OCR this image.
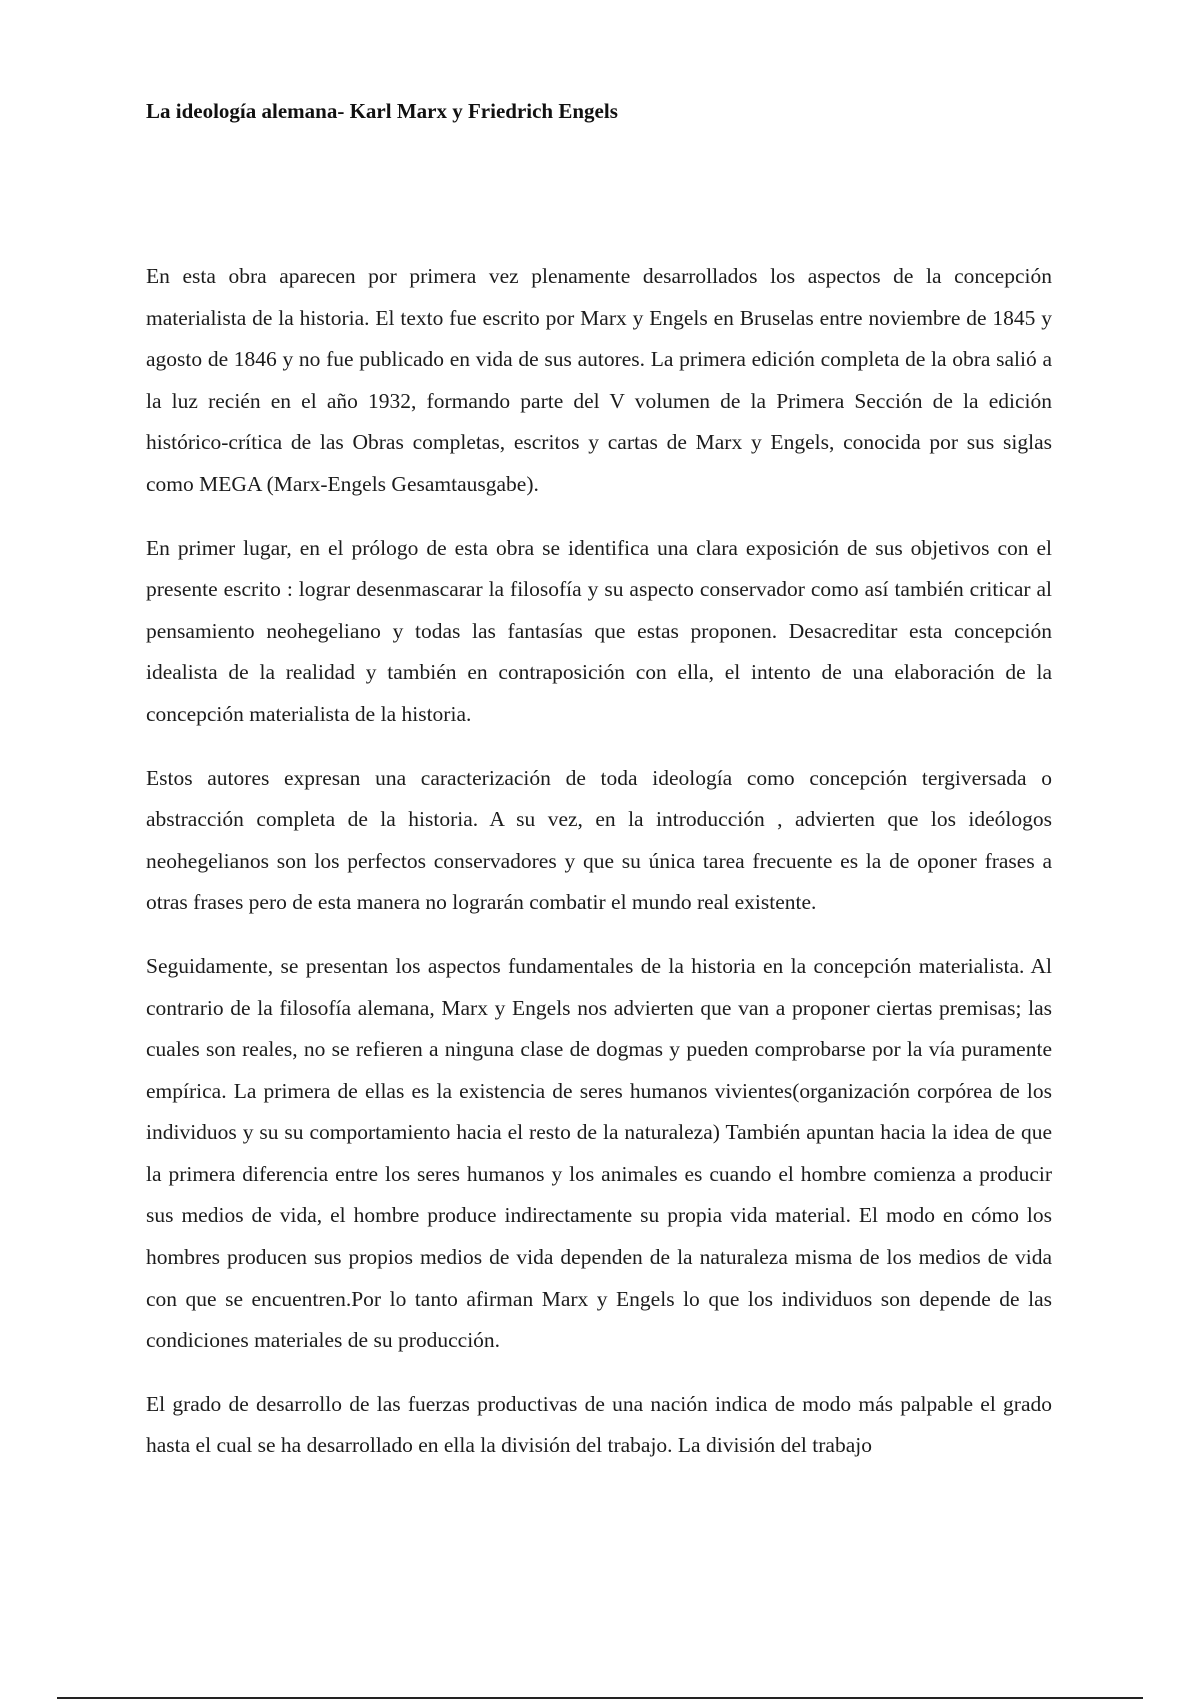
La ideología alemana- Karl Marx y Friedrich Engels

En esta obra aparecen por primera vez plenamente desarrollados los aspectos de la concepción materialista de la historia. El texto fue escrito por Marx y Engels en Bruselas entre noviembre de 1845 y agosto de 1846 y no fue publicado en vida de sus autores. La primera edición completa de la obra salió a la luz recién en el año 1932, formando parte del V volumen de la Primera Sección de la edición histórico-crítica de las Obras completas, escritos y cartas de Marx y Engels, conocida por sus siglas como MEGA (Marx-Engels Gesamtausgabe).

En primer lugar, en el prólogo de esta obra se identifica una clara exposición de sus objetivos con el presente escrito : lograr desenmascarar la filosofía y su aspecto conservador como así también criticar al pensamiento neohegeliano y todas las fantasías que estas proponen. Desacreditar esta concepción idealista de la realidad y también en contraposición con ella, el intento de una elaboración de la concepción materialista de la historia.

Estos autores expresan una caracterización de toda ideología como concepción tergiversada o abstracción completa de la historia. A su vez, en la introducción , advierten que los ideólogos neohegelianos son los perfectos conservadores y que su única tarea frecuente es la de oponer frases a otras frases pero de esta manera no lograrán combatir el mundo real existente.

Seguidamente, se presentan los aspectos fundamentales de la historia en la concepción materialista. Al contrario de la filosofía alemana, Marx y Engels nos advierten que van a proponer ciertas premisas; las cuales son reales, no se refieren a ninguna clase de dogmas y pueden comprobarse por la vía puramente empírica. La primera de ellas es la existencia de seres humanos vivientes(organización corpórea de los individuos y su su comportamiento hacia el resto de la naturaleza) También apuntan hacia la idea de que la primera diferencia entre los seres humanos y los animales es cuando el hombre comienza a producir sus medios de vida, el hombre produce indirectamente su propia vida material. El modo en cómo los hombres producen sus propios medios de vida dependen de la naturaleza misma de los medios de vida con que se encuentren.Por lo tanto afirman Marx y Engels lo que los individuos son depende de las condiciones materiales de su producción.

El grado de desarrollo de las fuerzas productivas de una nación indica de modo más palpable el grado hasta el cual se ha desarrollado en ella la división del trabajo. La división del trabajo
